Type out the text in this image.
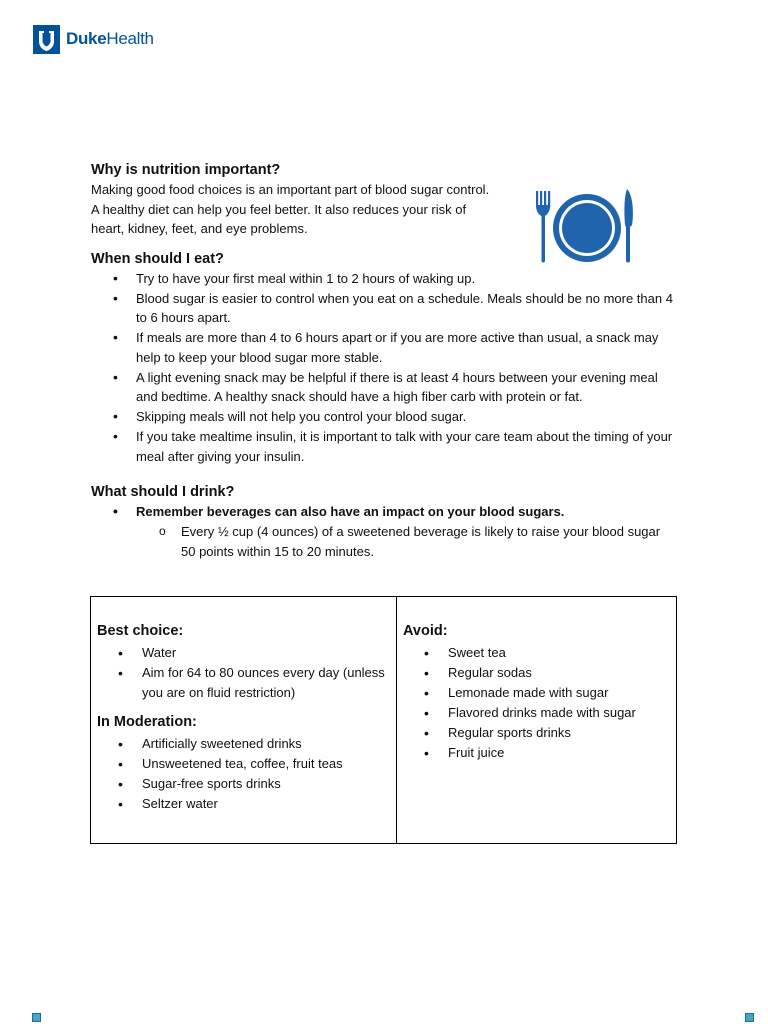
DukeHealth
Why is nutrition important?

Making good food choices is an important part of blood sugar control.

A healthy diet can help you feel better. It also reduces your risk of

heart, kidney, feet, and eye problems.

When should I eat?
• Try to have your first meal within 1 to 2 hours of waking up.
• Blood sugar is easier to control when you eat on a schedule. Meals should be no more than 4 to 6 hours apart.
• If meals are more than 4 to 6 hours apart or if you are more active than usual, a snack may help to keep your blood sugar more stable.
• A light evening snack may be helpful if there is at least 4 hours between your evening meal and bedtime. A healthy snack should have a high fiber carb with protein or fat.
• Skipping meals will not help you control your blood sugar.
• If you take mealtime insulin, it is important to talk with your care team about the timing of your meal after giving your insulin.
What should I drink?
• Remember beverages can also have an impact on your blood sugars.
o Every ½ cup (4 ounces) of a sweetened beverage is likely to raise your blood sugar 50 points within 15 to 20 minutes.
Best choice:
• Water
• Aim for 64 to 80 ounces every day (unless you are on fluid restriction)
In Moderation:
• Artificially sweetened drinks
• Unsweetened tea, coffee, fruit teas
• Sugar-free sports drinks
• Seltzer water
Avoid:
• Sweet tea
• Regular sodas
• Lemonade made with sugar
• Flavored drinks made with sugar
• Regular sports drinks
• Fruit juice
